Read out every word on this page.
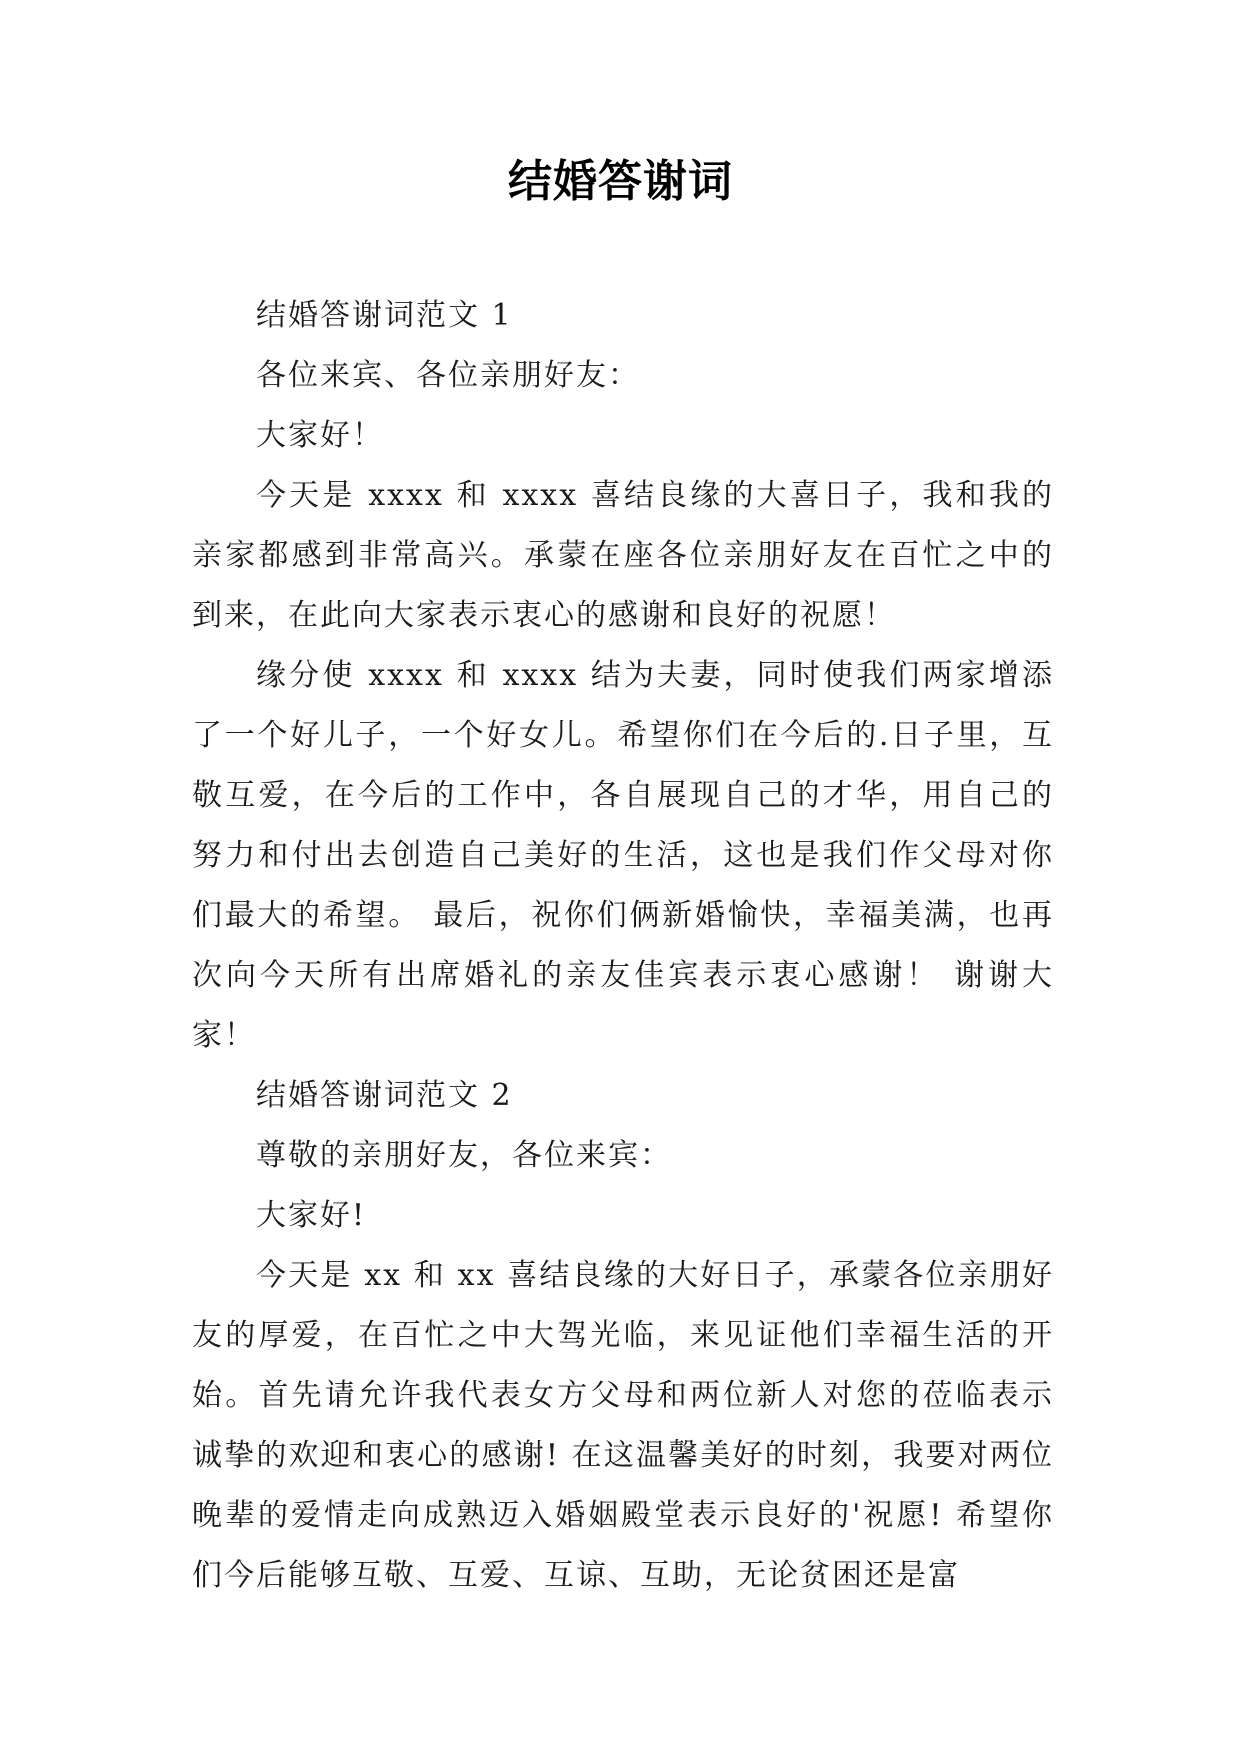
结婚答谢词

结婚答谢词范文 1

各位来宾、各位亲朋好友：

大家好！

今天是 xxxx 和 xxxx 喜结良缘的大喜日子，我和我的亲家都感到非常高兴。承蒙在座各位亲朋好友在百忙之中的到来，在此向大家表示衷心的感谢和良好的祝愿！

缘分使 xxxx 和 xxxx 结为夫妻，同时使我们两家增添了一个好儿子，一个好女儿。希望你们在今后的.日子里，互敬互爱，在今后的工作中，各自展现自己的才华，用自己的努力和付出去创造自己美好的生活，这也是我们作父母对你们最大的希望。 最后，祝你们俩新婚愉快，幸福美满，也再次向今天所有出席婚礼的亲友佳宾表示衷心感谢！ 谢谢大家！

结婚答谢词范文 2

尊敬的亲朋好友，各位来宾：

大家好!

今天是 xx 和 xx 喜结良缘的大好日子，承蒙各位亲朋好友的厚爱，在百忙之中大驾光临，来见证他们幸福生活的开始。首先请允许我代表女方父母和两位新人对您的莅临表示诚挚的欢迎和衷心的感谢! 在这温馨美好的时刻，我要对两位晚辈的爱情走向成熟迈入婚姻殿堂表示良好的'祝愿! 希望你们今后能够互敬、互爱、互谅、互助，无论贫困还是富
